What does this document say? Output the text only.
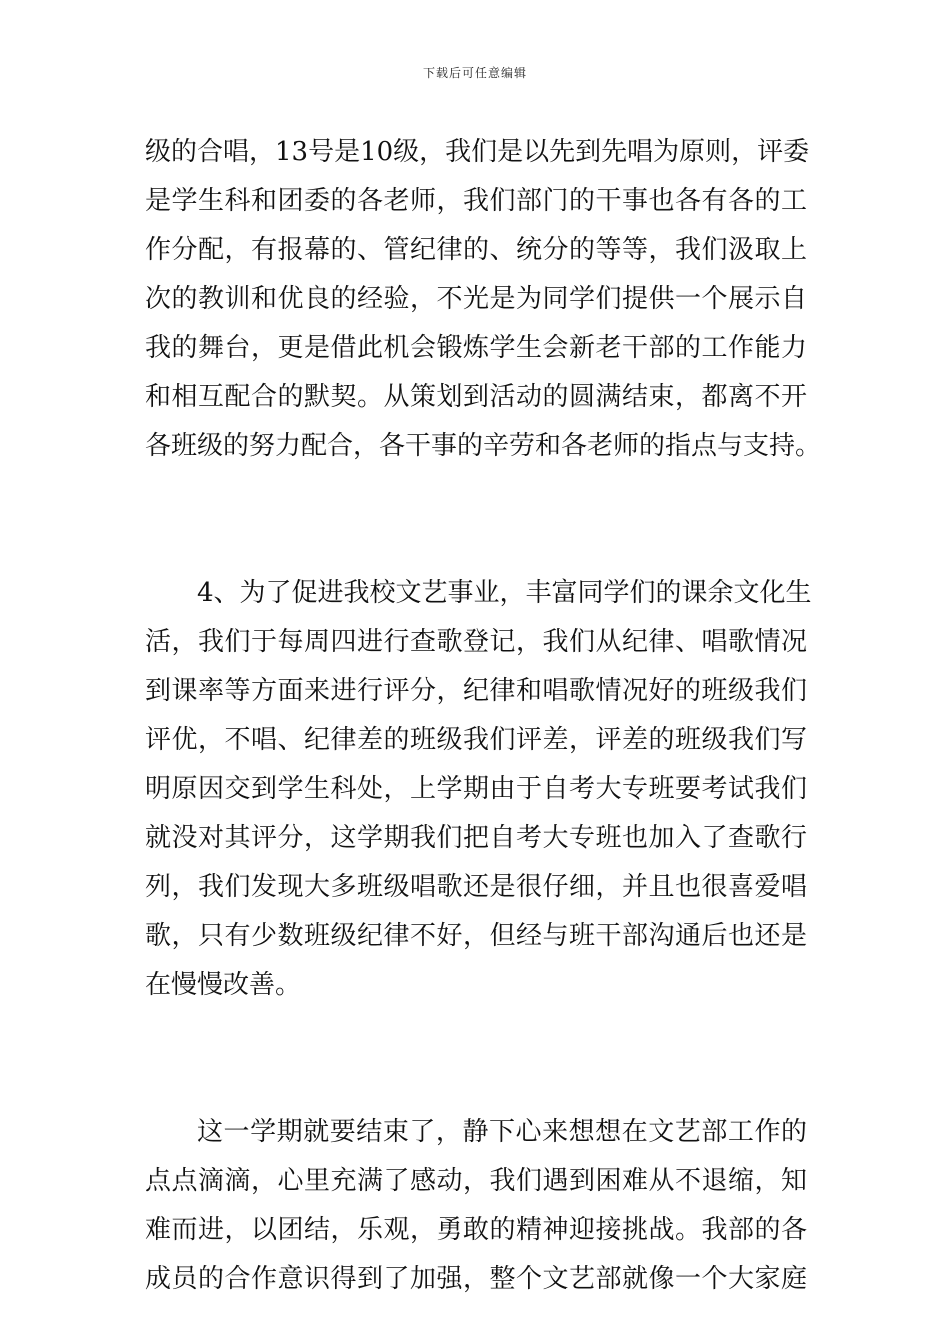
下载后可任意编辑
级的合唱，13号是10级，我们是以先到先唱为原则，评委
是学生科和团委的各老师，我们部门的干事也各有各的工
作分配，有报幕的、管纪律的、统分的等等，我们汲取上
次的教训和优良的经验，不光是为同学们提供一个展示自
我的舞台，更是借此机会锻炼学生会新老干部的工作能力
和相互配合的默契。从策划到活动的圆满结束，都离不开
各班级的努力配合，各干事的辛劳和各老师的指点与支持。
4、为了促进我校文艺事业，丰富同学们的课余文化生
活，我们于每周四进行查歌登记，我们从纪律、唱歌情况
到课率等方面来进行评分，纪律和唱歌情况好的班级我们
评优，不唱、纪律差的班级我们评差，评差的班级我们写
明原因交到学生科处，上学期由于自考大专班要考试我们
就没对其评分，这学期我们把自考大专班也加入了查歌行
列，我们发现大多班级唱歌还是很仔细，并且也很喜爱唱
歌，只有少数班级纪律不好，但经与班干部沟通后也还是
在慢慢改善。
这一学期就要结束了，静下心来想想在文艺部工作的
点点滴滴，心里充满了感动，我们遇到困难从不退缩，知
难而进，以团结，乐观，勇敢的精神迎接挑战。我部的各
成员的合作意识得到了加强，整个文艺部就像一个大家庭
